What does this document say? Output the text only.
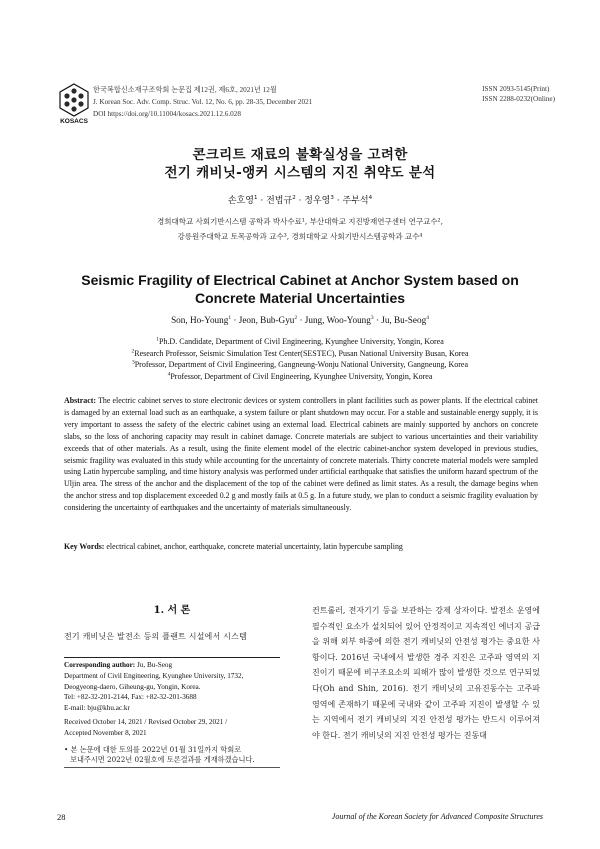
KOSACS
한국복합신소재구조학회 논문집 제12권, 제6호, 2021년 12월
J. Korean Soc. Adv. Comp. Struc. Vol. 12, No. 6, pp. 28-35, December 2021
DOI https://doi.org/10.11004/kosacs.2021.12.6.028
ISSN 2093-5145(Print)
ISSN 2288-0232(Online)
콘크리트 재료의 불확실성을 고려한
전기 캐비닛-앵커 시스템의 지진 취약도 분석
손호영$^1$ · 전법규$^2$ · 정우영$^3$ · 주부석$^4$
경희대학교 사회기반시스템 공학과 박사수료¹, 부산대학교 지진방재연구센터 연구교수²,
강릉원주대학교 토목공학과 교수³, 경희대학교 사회기반시스템공학과 교수⁴
Seismic Fragility of Electrical Cabinet at Anchor System based on
Concrete Material Uncertainties
Son, Ho-Young$^1$ · Jeon, Bub-Gyu$^2$ · Jung, Woo-Young$^3$ · Ju, Bu-Seog$^4$
$^1$Ph.D. Candidate, Department of Civil Engineering, Kyunghee University, Yongin, Korea
$^2$Research Professor, Seismic Simulation Test Center(SESTEC), Pusan National University Busan, Korea
$^3$Professor, Department of Civil Engineering, Gangneung-Wonju National University, Gangneung, Korea
$^4$Professor, Department of Civil Engineering, Kyunghee University, Yongin, Korea
Abstract: The electric cabinet serves to store electronic devices or system controllers in plant facilities such as power plants. If the electrical cabinet is damaged by an external load such as an earthquake, a system failure or plant shutdown may occur. For a stable and sustainable energy supply, it is very important to assess the safety of the electric cabinet using an external load. Electrical cabinets are mainly supported by anchors on concrete slabs, so the loss of anchoring capacity may result in cabinet damage. Concrete materials are subject to various uncertainties and their variability exceeds that of other materials. As a result, using the finite element model of the electric cabinet-anchor system developed in previous studies, seismic fragility was evaluated in this study while accounting for the uncertainty of concrete materials. Thirty concrete material models were sampled using Latin hypercube sampling, and time history analysis was performed under artificial earthquake that satisfies the uniform hazard spectrum of the Uljin area. The stress of the anchor and the displacement of the top of the cabinet were defined as limit states. As a result, the damage begins when the anchor stress and top displacement exceeded 0.2 g and mostly fails at 0.5 g. In a future study, we plan to conduct a seismic fragility evaluation by considering the uncertainty of earthquakes and the uncertainty of materials simultaneously.
Key Words: electrical cabinet, anchor, earthquake, concrete material uncertainty, latin hypercube sampling
1. 서 론
전기 캐비닛은 발전소 등의 플랜트 시설에서 시스템
Corresponding author: Ju, Bu-Seog
Department of Civil Engineering, Kyunghee University, 1732,
Deogyeong-daero, Giheung-gu, Yongin, Korea.
Tel: +82-32-201-2144, Fax: +82-32-201-3688
E-mail: bju@khu.ac.kr
Received October 14, 2021 / Revised October 29, 2021 /
Accepted November 8, 2021
• 본 논문에 대한 토의를 2022년 01월 31일까지 학회로
보내주시면 2022년 02월호에 토론결과를 게재하겠습니다.
컨트롤러, 전자기기 등을 보관하는 강제 상자이다. 발전소 운영에 필수적인 요소가 설치되어 있어 안정적이고 지속적인 에너지 공급을 위해 외부 하중에 의한 전기 캐비닛의 안전성 평가는 중요한 사항이다. 2016년 국내에서 발생한 경주 지진은 고주파 영역의 지진이기 때문에 비구조요소의 피해가 많이 발생한 것으로 연구되었다(Oh and Shin, 2016). 전기 캐비닛의 고유진동수는 고주파 영역에 존재하기 때문에 국내와 같이 고주파 지진이 발생할 수 있는 지역에서 전기 캐비닛의 지진 안전성 평가는 반드시 이루어져야 한다. 전기 캐비닛의 지진 안전성 평가는 진동대
28	Journal of the Korean Society for Advanced Composite Structures
